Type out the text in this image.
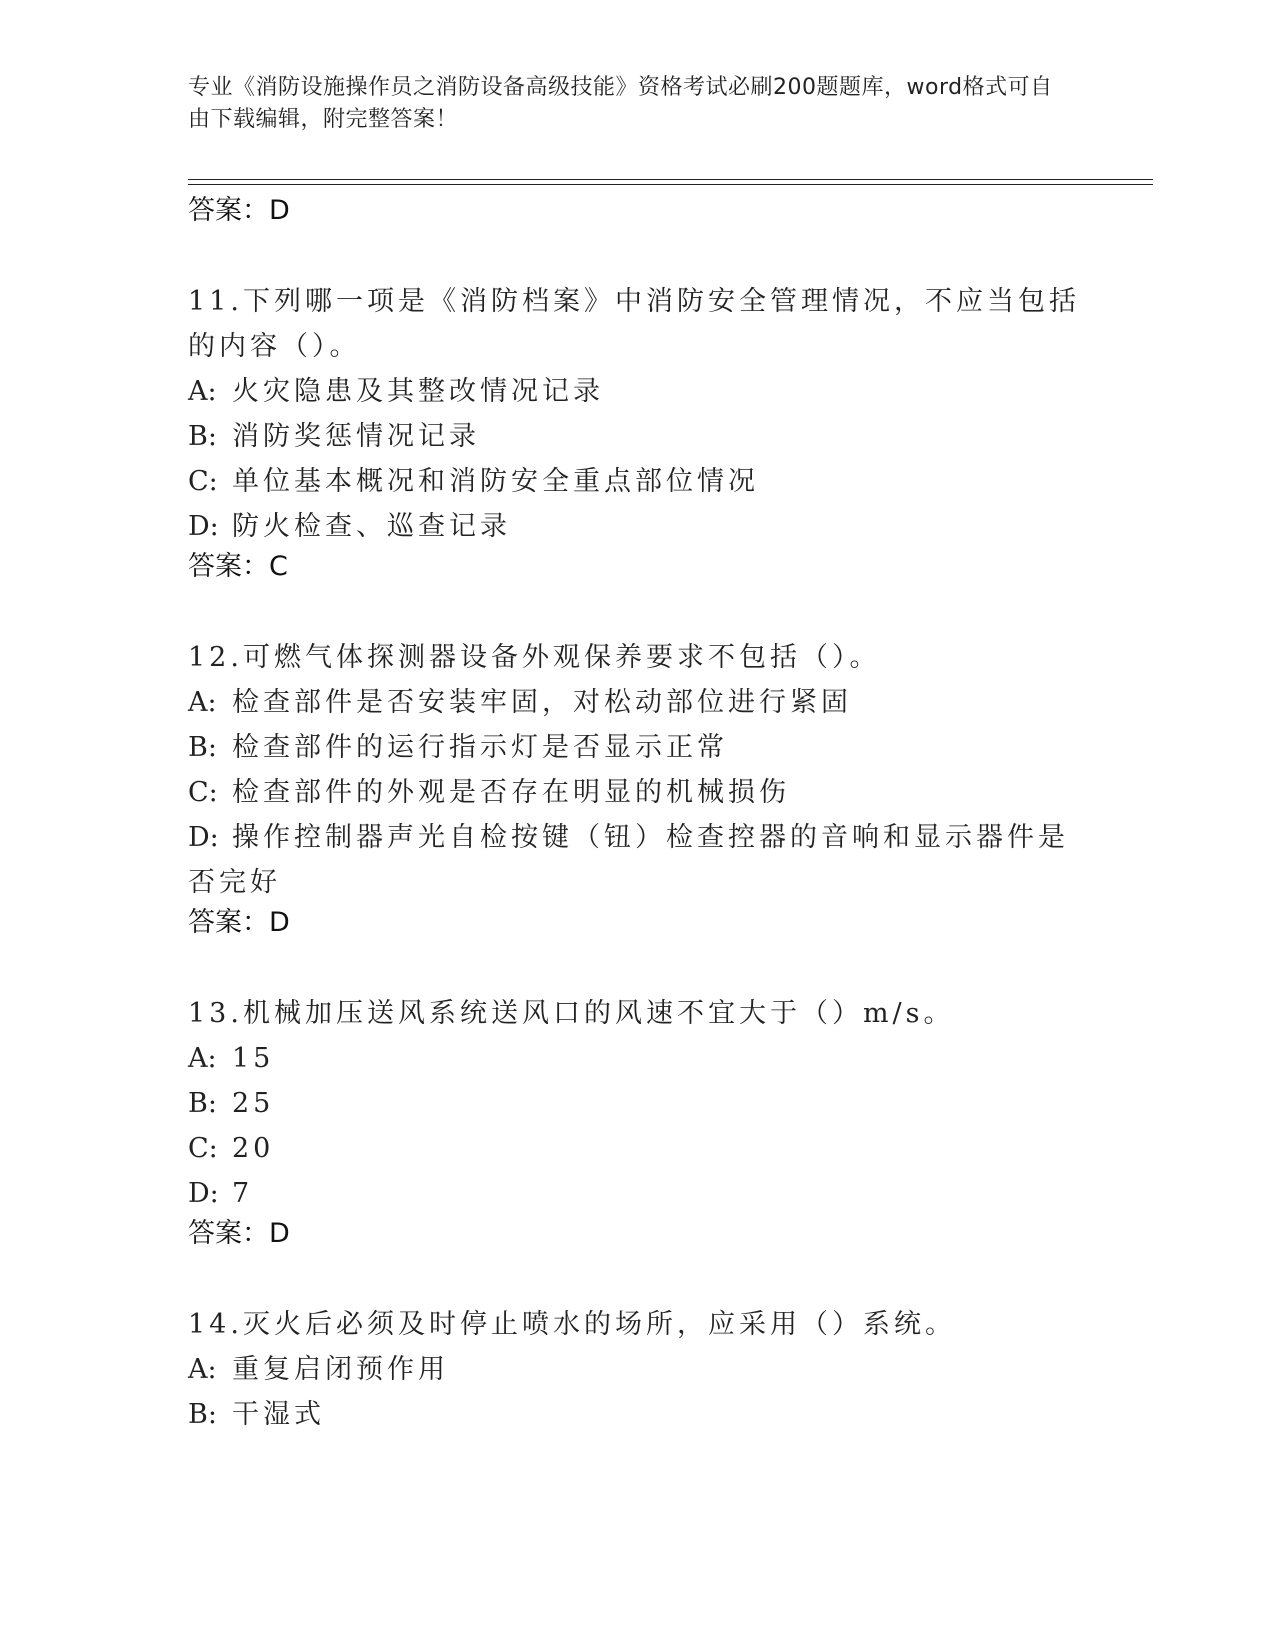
专业《消防设施操作员之消防设备高级技能》资格考试必刷200题题库，word格式可自由下载编辑，附完整答案！
答案：D
11.下列哪一项是《消防档案》中消防安全管理情况，不应当包括的内容（）。
A: 火灾隐患及其整改情况记录
B: 消防奖惩情况记录
C: 单位基本概况和消防安全重点部位情况
D: 防火检查、巡查记录
答案：C
12.可燃气体探测器设备外观保养要求不包括（）。
A: 检查部件是否安装牢固，对松动部位进行紧固
B: 检查部件的运行指示灯是否显示正常
C: 检查部件的外观是否存在明显的机械损伤
D: 操作控制器声光自检按键（钮）检查控器的音响和显示器件是否完好
答案：D
13.机械加压送风系统送风口的风速不宜大于（）m/s。
A: 15
B: 25
C: 20
D: 7
答案：D
14.灭火后必须及时停止喷水的场所，应采用（）系统。
A: 重复启闭预作用
B: 干湿式
